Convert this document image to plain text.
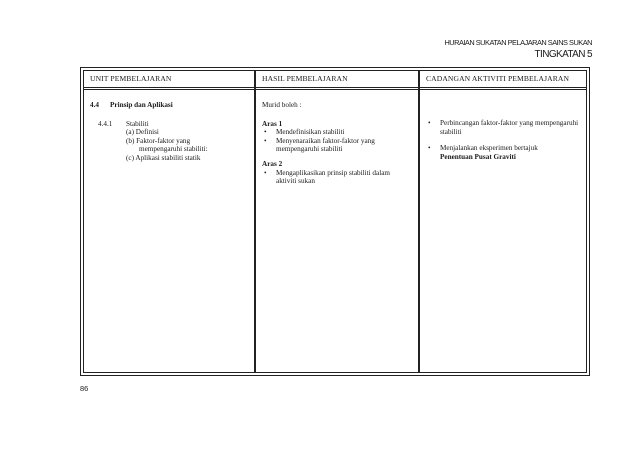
HURAIAN SUKATAN PELAJARAN SAINS SUKAN
TINGKATAN 5
UNIT PEMBELAJARAN
4.4	Prinsip dan Aplikasi
4.4.1	Stabiliti
(a) Definisi
(b) Faktor-faktor yang
mempengaruhi stabiliti:
(c) Aplikasi stabiliti statik
HASIL PEMBELAJARAN
Murid boleh :
Aras 1
• Mendefinisikan stabiliti
• Menyenaraikan faktor-faktor yang mempengaruhi stabiliti
Aras 2
• Mengaplikasikan prinsip stabiliti dalam aktiviti sukan
CADANGAN AKTIVITI PEMBELAJARAN
• Perbincangan faktor-faktor yang mempengaruhi stabiliti
• Menjalankan eksperimen bertajuk
Penentuan Pusat Graviti
86
